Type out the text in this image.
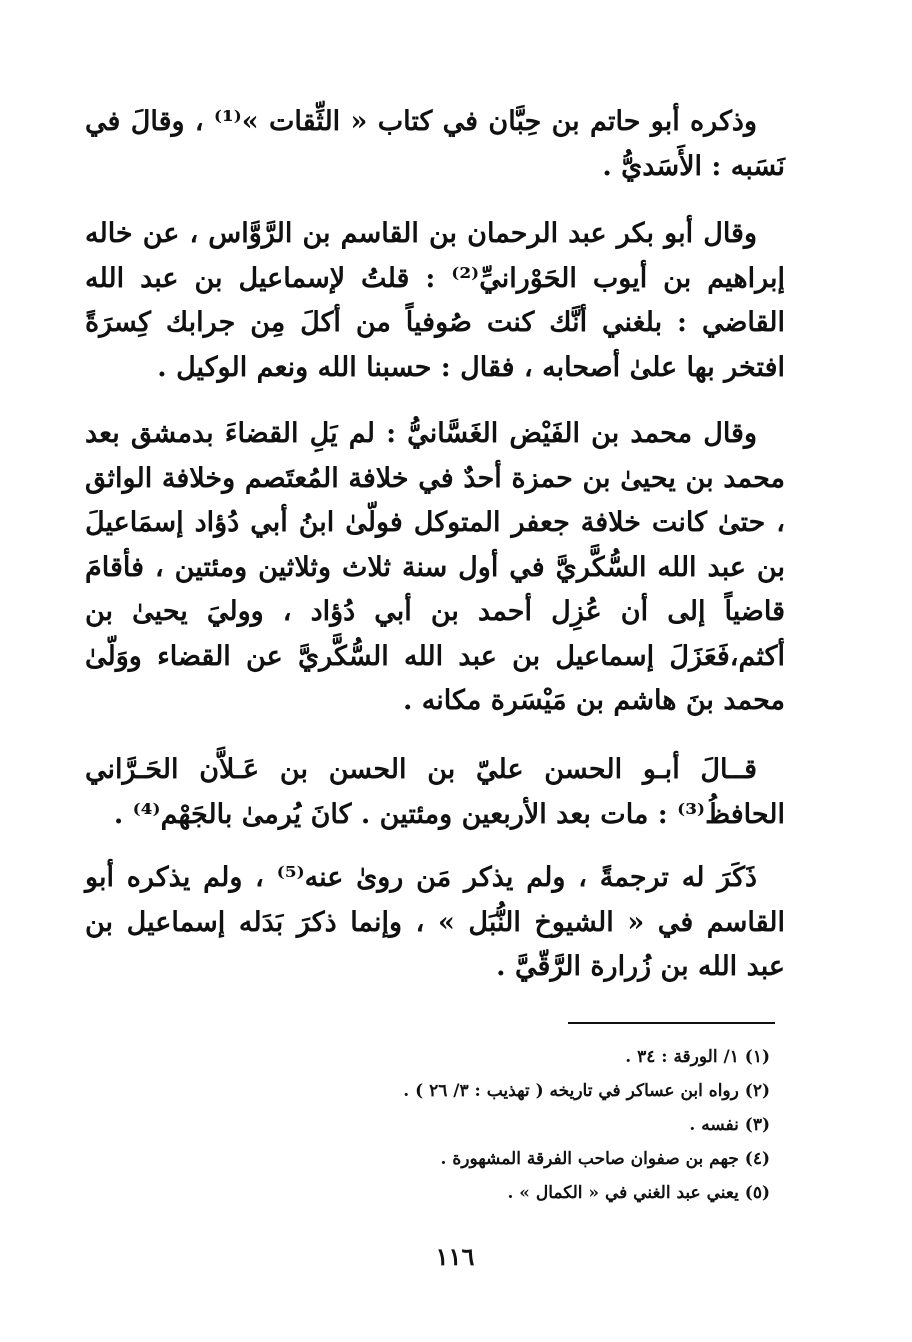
وذكره أبو حاتم بن حِبَّان في كتاب « الثِّقات »⁽¹⁾ ، وقالَ في نَسَبه : الأَسَديُّ .

وقال أبو بكر عبد الرحمان بن القاسم بن الرَّوَّاس ، عن خاله إبراهيم بن أيوب الحَوْرانيِّ⁽²⁾ : قلتُ لإسماعيل بن عبد الله القاضي : بلغني أنَّك كنت صُوفياً من أكلَ مِن جرابك كِسرَةً افتخر بها علىٰ أصحابه ، فقال : حسبنا الله ونعم الوكيل .

وقال محمد بن الفَيْض الغَسَّانيُّ : لم يَلِ القضاءَ بدمشق بعد محمد بن يحيىٰ بن حمزة أحدٌ في خلافة المُعتَصم وخلافة الواثق ، حتىٰ كانت خلافة جعفر المتوكل فولّىٰ ابنُ أبي دُؤاد إسمَاعيلَ بن عبد الله السُّكَّريَّ في أول سنة ثلاث وثلاثين ومئتين ، فأقامَ قاضياً إلى أن عُزِل أحمد بن أبي دُؤاد ، ووليَ يحيىٰ بن أكثم،فَعَزَلَ إسماعيل بن عبد الله السُّكَّريَّ عن القضاء ووَلّىٰ محمد بنَ هاشم بن مَيْسَرة مكانه .

قــالَ أبـو الحسن عليّ بن الحسن بن عَـلاَّن الحَـرَّاني الحافظُ⁽³⁾ : مات بعد الأربعين ومئتين . كانَ يُرمىٰ بالجَهْم⁽⁴⁾ .

ذَكَرَ له ترجمةً ، ولم يذكر مَن روىٰ عنه⁽⁵⁾ ، ولم يذكره أبو القاسم في « الشيوخ النُّبَل » ، وإنما ذكرَ بَدَله إسماعيل بن عبد الله بن زُرارة الرَّقّيَّ .

(١) ١/ الورقة : ٣٤ .
(٢) رواه ابن عساكر في تاريخه ( تهذيب : ٣/ ٢٦ ) .
(٣) نفسه .
(٤) جهم بن صفوان صاحب الفرقة المشهورة .
(٥) يعني عبد الغني في « الكمال » .
١١٦
